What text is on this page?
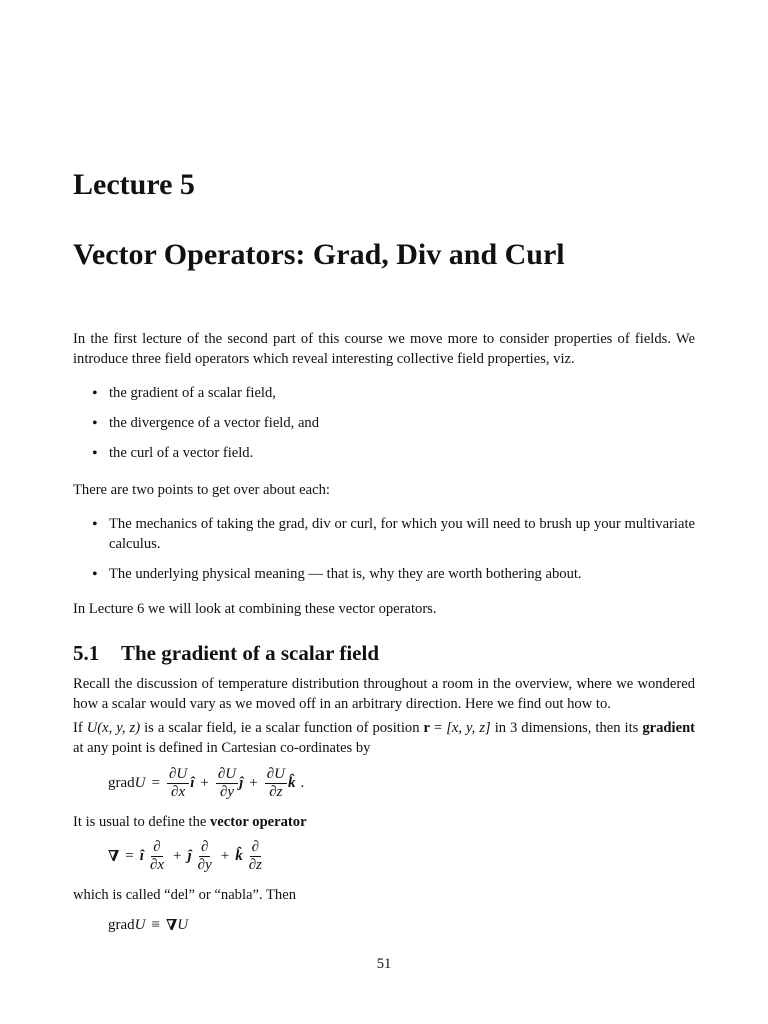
Lecture 5
Vector Operators: Grad, Div and Curl

In the first lecture of the second part of this course we move more to consider properties of fields. We introduce three field operators which reveal interesting collective field properties, viz.

• the gradient of a scalar field,
• the divergence of a vector field, and
• the curl of a vector field.

There are two points to get over about each:

• The mechanics of taking the grad, div or curl, for which you will need to brush up your multivariate calculus.
• The underlying physical meaning — that is, why they are worth bothering about.

In Lecture 6 we will look at combining these vector operators.

5.1 The gradient of a scalar field

Recall the discussion of temperature distribution throughout a room in the overview, where we wondered how a scalar would vary as we moved off in an arbitrary direction. Here we find out how to.

If U(x, y, z) is a scalar field, ie a scalar function of position r = [x, y, z] in 3 dimensions, then its gradient at any point is defined in Cartesian co-ordinates by

grad $U = \frac{\partial U}{\partial x}$ î + $\frac{\partial U}{\partial y}$ ĵ + $\frac{\partial U}{\partial z}$ k̂ .

It is usual to define the vector operator

∇ = î $\frac{\partial}{\partial x}$ + ĵ $\frac{\partial}{\partial y}$ + k̂ $\frac{\partial}{\partial z}$

which is called “del” or “nabla”. Then

grad U ≡ ∇ U
51
